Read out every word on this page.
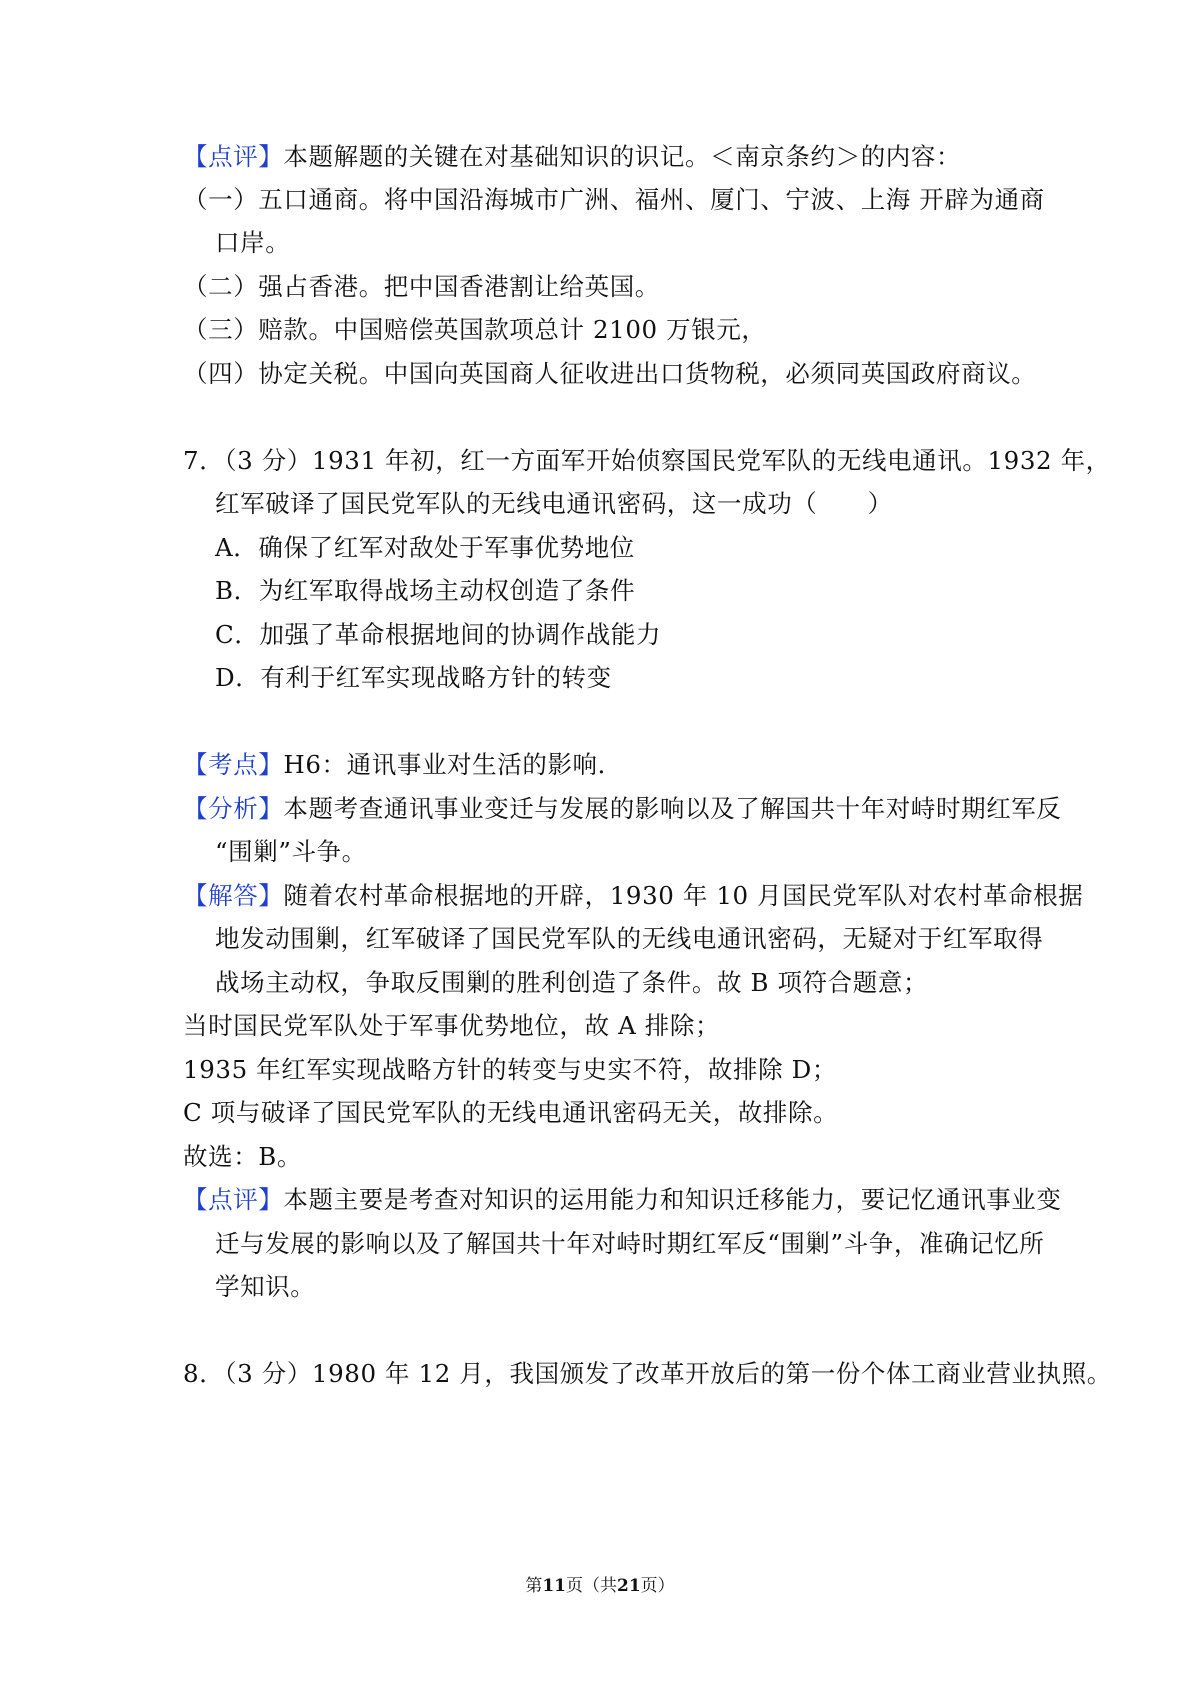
【点评】本题解题的关键在对基础知识的识记。＜南京条约＞的内容：
（一）五口通商。将中国沿海城市广洲、福州、厦门、宁波、上海 开辟为通商
口岸。
（二）强占香港。把中国香港割让给英国。
（三）赔款。中国赔偿英国款项总计 2100 万银元，
（四）协定关税。中国向英国商人征收进出口货物税，必须同英国政府商议。
7．（3 分）1931 年初，红一方面军开始侦察国民党军队的无线电通讯。1932 年，
红军破译了国民党军队的无线电通讯密码，这一成功（　　）
A．确保了红军对敌处于军事优势地位
B．为红军取得战场主动权创造了条件
C．加强了革命根据地间的协调作战能力
D．有利于红军实现战略方针的转变
【考点】H6：通讯事业对生活的影响．
【分析】本题考查通讯事业变迁与发展的影响以及了解国共十年对峙时期红军反
“围剿”斗争。
【解答】随着农村革命根据地的开辟，1930 年 10 月国民党军队对农村革命根据
地发动围剿，红军破译了国民党军队的无线电通讯密码，无疑对于红军取得
战场主动权，争取反围剿的胜利创造了条件。故 B 项符合题意；
当时国民党军队处于军事优势地位，故 A 排除；
1935 年红军实现战略方针的转变与史实不符，故排除 D；
C 项与破译了国民党军队的无线电通讯密码无关，故排除。
故选：B。
【点评】本题主要是考查对知识的运用能力和知识迁移能力，要记忆通讯事业变
迁与发展的影响以及了解国共十年对峙时期红军反“围剿”斗争，准确记忆所
学知识。
8．（3 分）1980 年 12 月，我国颁发了改革开放后的第一份个体工商业营业执照。
第11页（共21页）
